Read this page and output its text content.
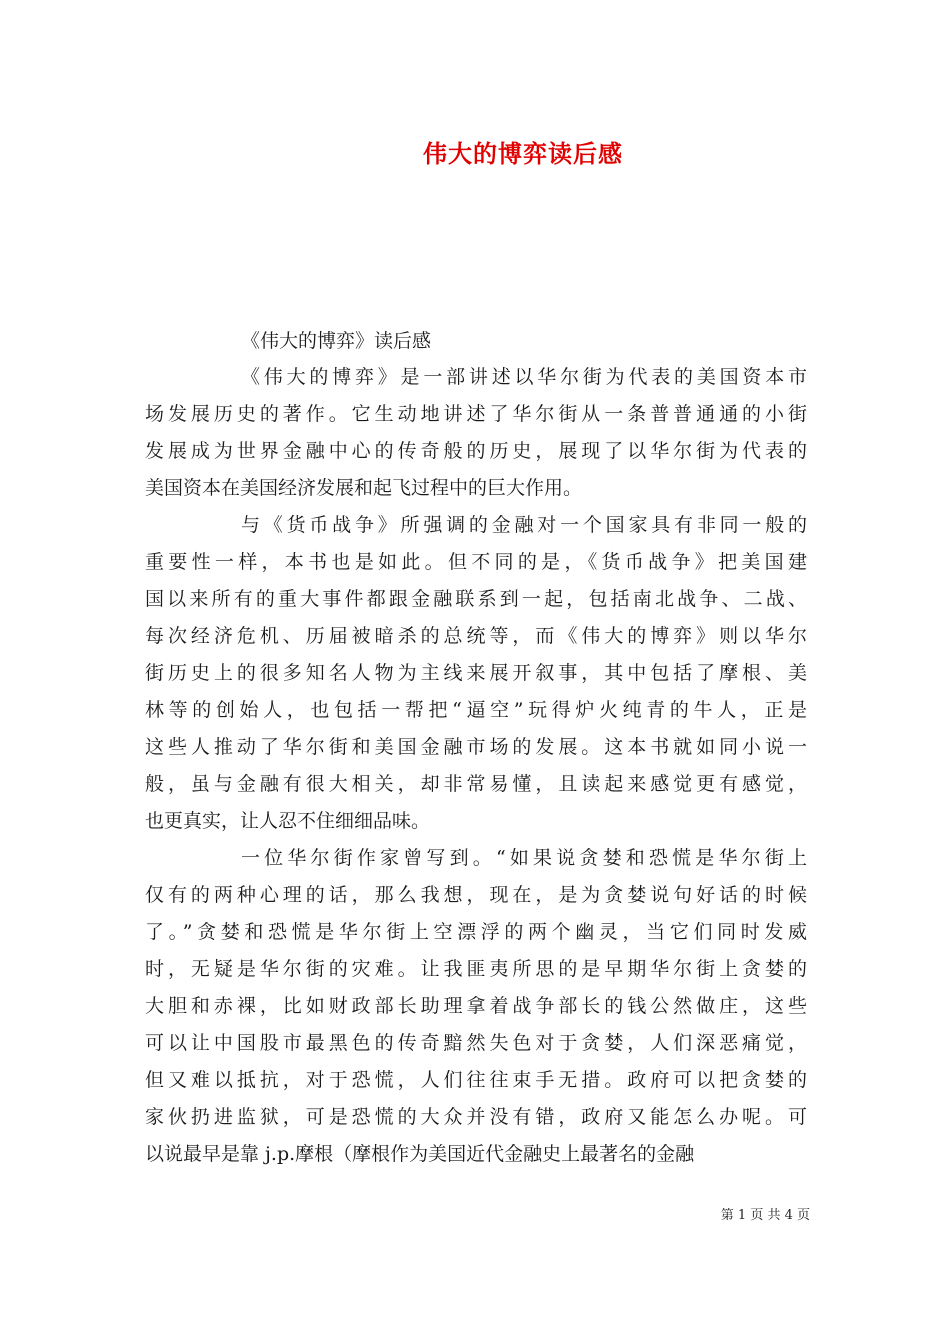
伟大的博弈读后感
《伟大的博弈》读后感
《伟大的博弈》是一部讲述以华尔街为代表的美国资本市
场发展历史的著作。它生动地讲述了华尔街从一条普普通通的小街
发展成为世界金融中心的传奇般的历史，展现了以华尔街为代表的
美国资本在美国经济发展和起飞过程中的巨大作用。
与《货币战争》所强调的金融对一个国家具有非同一般的
重要性一样，本书也是如此。但不同的是，《货币战争》把美国建
国以来所有的重大事件都跟金融联系到一起，包括南北战争、二战、
每次经济危机、历届被暗杀的总统等，而《伟大的博弈》则以华尔
街历史上的很多知名人物为主线来展开叙事，其中包括了摩根、美
林等的创始人，也包括一帮把“逼空”玩得炉火纯青的牛人，正是
这些人推动了华尔街和美国金融市场的发展。这本书就如同小说一
般，虽与金融有很大相关，却非常易懂，且读起来感觉更有感觉，
也更真实，让人忍不住细细品味。
一位华尔街作家曾写到。“如果说贪婪和恐慌是华尔街上
仅有的两种心理的话，那么我想，现在，是为贪婪说句好话的时候
了。”贪婪和恐慌是华尔街上空漂浮的两个幽灵，当它们同时发威
时，无疑是华尔街的灾难。让我匪夷所思的是早期华尔街上贪婪的
大胆和赤裸，比如财政部长助理拿着战争部长的钱公然做庄，这些
可以让中国股市最黑色的传奇黯然失色对于贪婪，人们深恶痛觉，
但又难以抵抗，对于恐慌，人们往往束手无措。政府可以把贪婪的
家伙扔进监狱，可是恐慌的大众并没有错，政府又能怎么办呢。可
以说最早是靠 j.p.摩根（摩根作为美国近代金融史上最著名的金融
第 1 页 共 4 页
